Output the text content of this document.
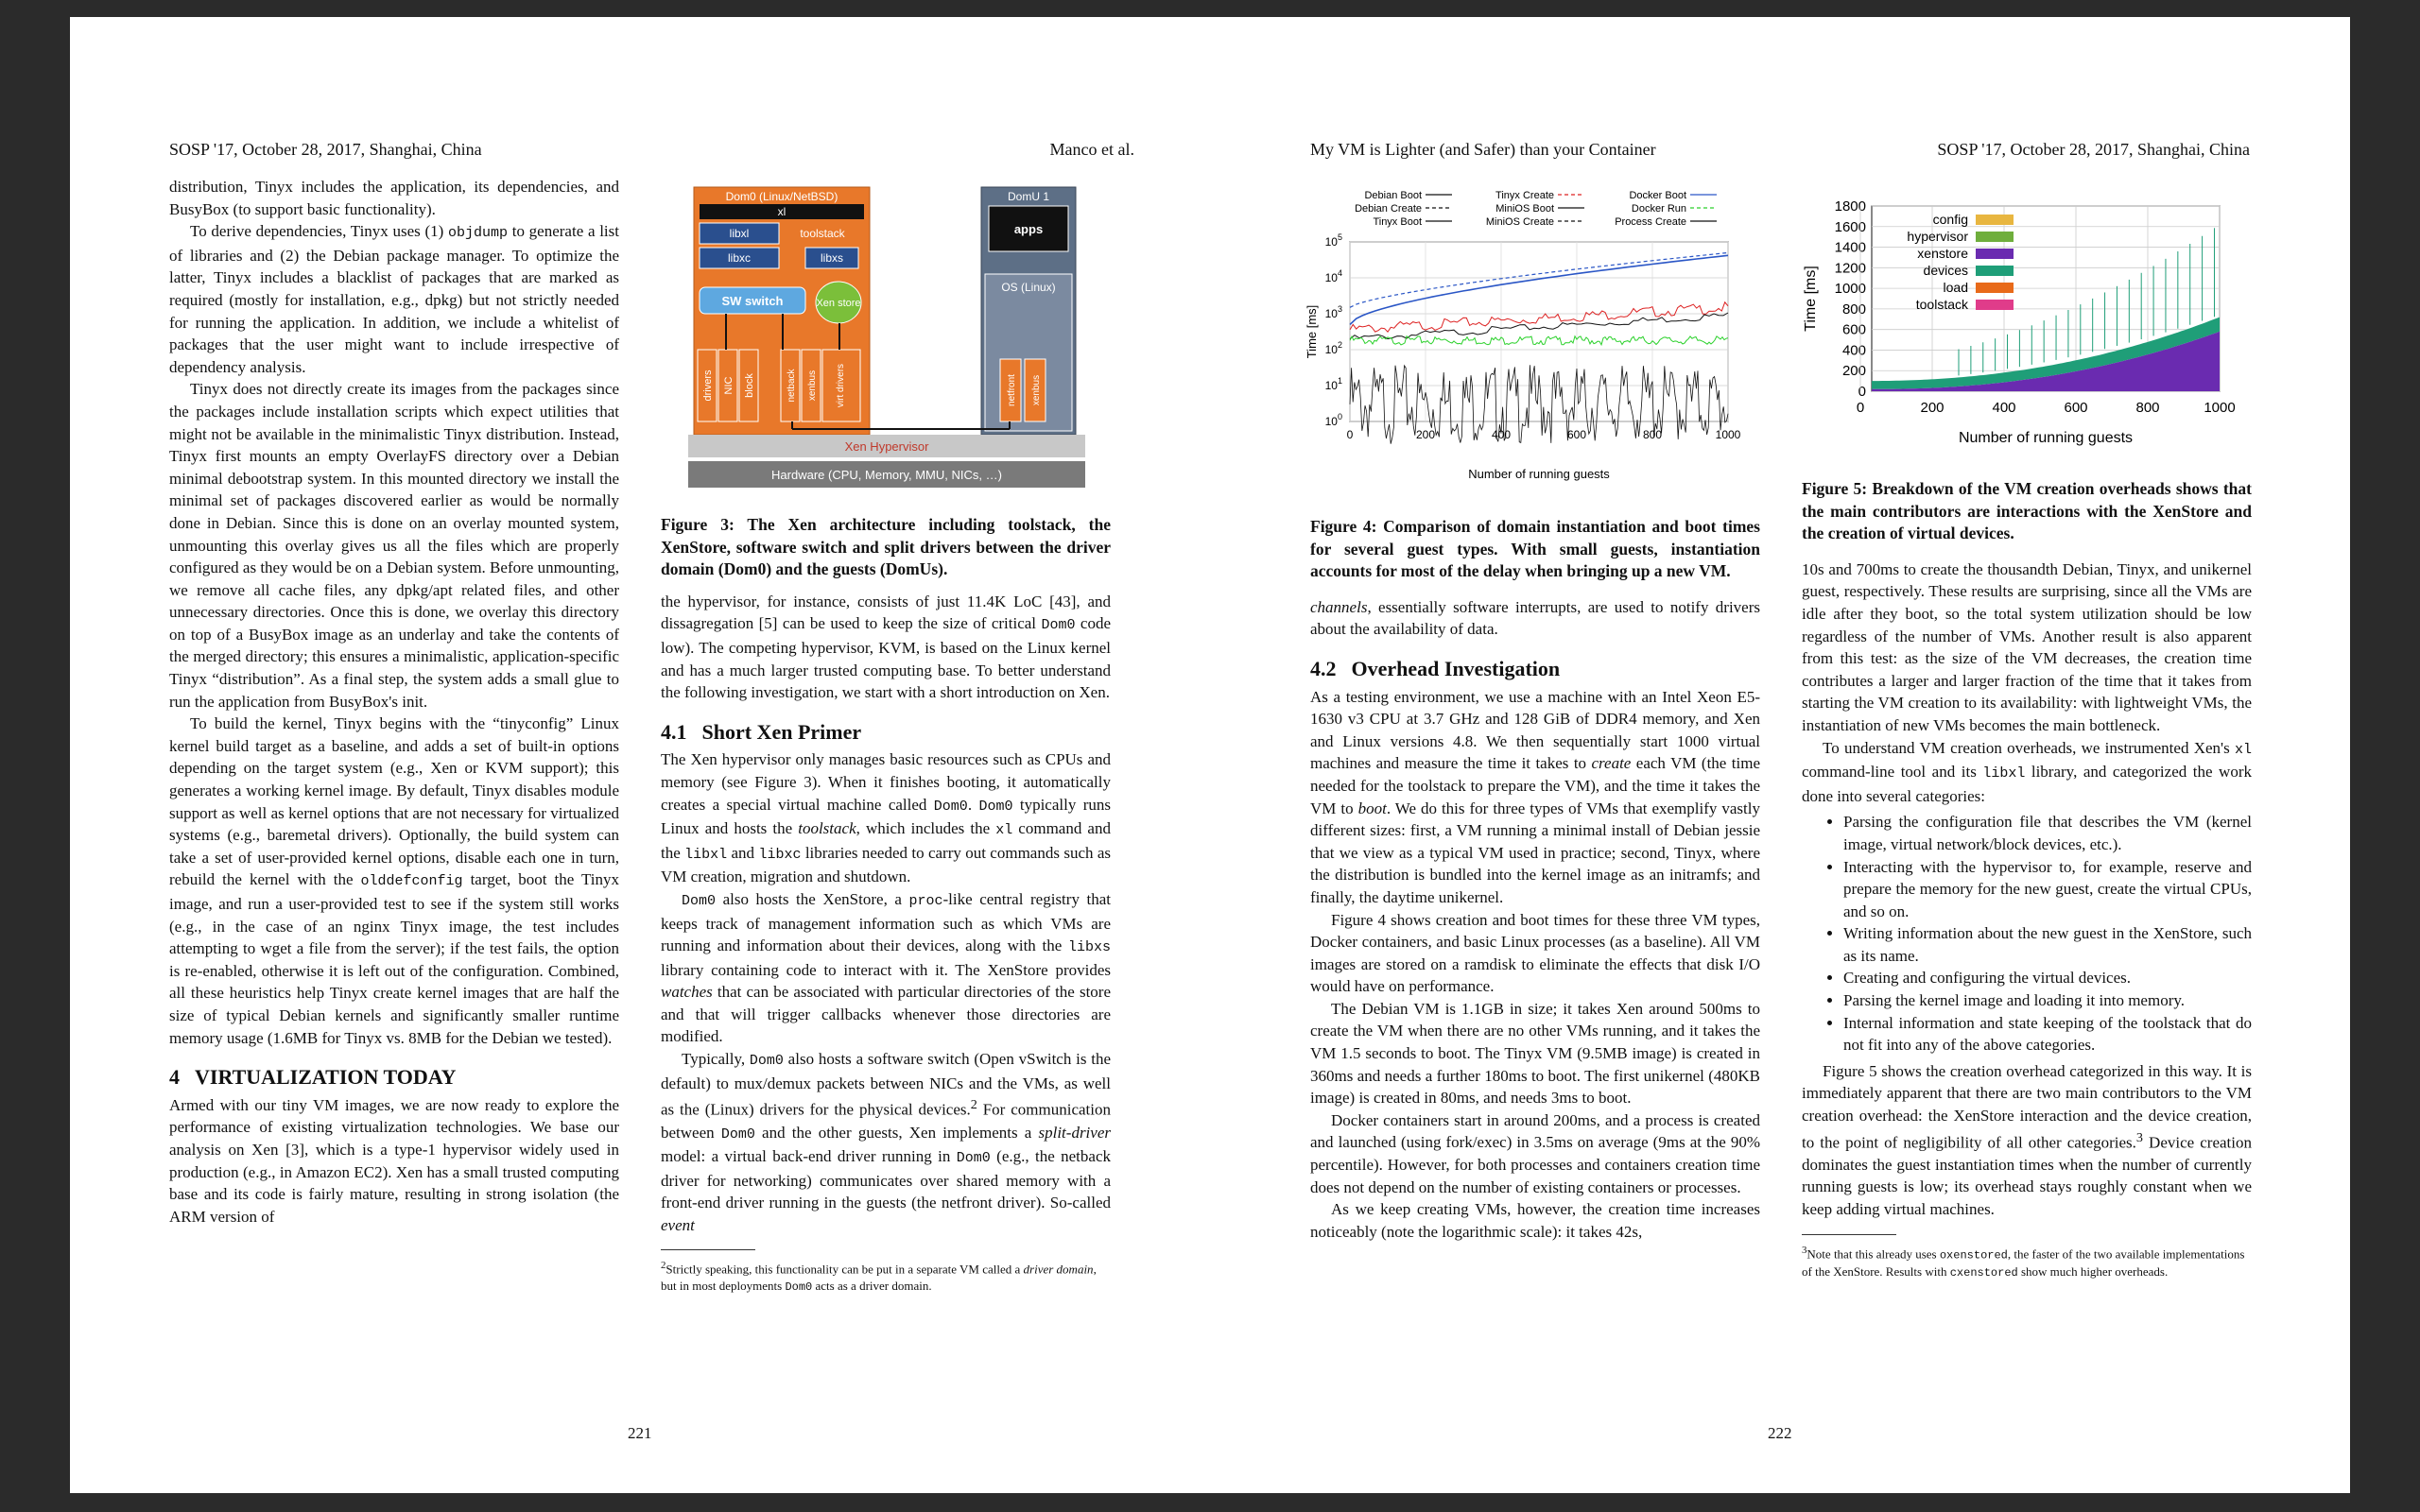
SOSP '17, October 28, 2017, Shanghai, China	Manco et al.

distribution, Tinyx includes the application, its dependencies, and BusyBox (to support basic functionality).

To derive dependencies, Tinyx uses (1) objdump to generate a list of libraries and (2) the Debian package manager. To optimize the latter, Tinyx includes a blacklist of packages that are marked as required (mostly for installation, e.g., dpkg) but not strictly needed for running the application. In addition, we include a whitelist of packages that the user might want to include irrespective of dependency analysis.

Tinyx does not directly create its images from the packages since the packages include installation scripts which expect utilities that might not be available in the minimalistic Tinyx distribution. Instead, Tinyx first mounts an empty OverlayFS directory over a Debian minimal debootstrap system. In this mounted directory we install the minimal set of packages discovered earlier as would be normally done in Debian. Since this is done on an overlay mounted system, unmounting this overlay gives us all the files which are properly configured as they would be on a Debian system. Before unmounting, we remove all cache files, any dpkg/apt related files, and other unnecessary directories. Once this is done, we overlay this directory on top of a BusyBox image as an underlay and take the contents of the merged directory; this ensures a minimalistic, application-specific Tinyx “distribution”. As a final step, the system adds a small glue to run the application from BusyBox's init.

To build the kernel, Tinyx begins with the “tinyconfig” Linux kernel build target as a baseline, and adds a set of built-in options depending on the target system (e.g., Xen or KVM support); this generates a working kernel image. By default, Tinyx disables module support as well as kernel options that are not necessary for virtualized systems (e.g., baremetal drivers). Optionally, the build system can take a set of user-provided kernel options, disable each one in turn, rebuild the kernel with the olddefconfig target, boot the Tinyx image, and run a user-provided test to see if the system still works (e.g., in the case of an nginx Tinyx image, the test includes attempting to wget a file from the server); if the test fails, the option is re-enabled, otherwise it is left out of the configuration. Combined, all these heuristics help Tinyx create kernel images that are half the size of typical Debian kernels and significantly smaller runtime memory usage (1.6MB for Tinyx vs. 8MB for the Debian we tested).

4 VIRTUALIZATION TODAY

Armed with our tiny VM images, we are now ready to explore the performance of existing virtualization technologies. We base our analysis on Xen [3], which is a type-1 hypervisor widely used in production (e.g., in Amazon EC2). Xen has a small trusted computing base and its code is fairly mature, resulting in strong isolation (the ARM version of

Dom0 (Linux/NetBSD)
xl
libxl	toolstack
libxc	libxs
SW switch	Xen store
drivers NIC block	netback xenbus virt drivers
DomU 1
apps
OS (Linux)
netfront xenbus
Xen Hypervisor
Hardware (CPU, Memory, MMU, NICs, …)
Figure 3: The Xen architecture including toolstack, the XenStore, software switch and split drivers between the driver domain (Dom0) and the guests (DomUs).

the hypervisor, for instance, consists of just 11.4K LoC [43], and dissagregation [5] can be used to keep the size of critical Dom0 code low). The competing hypervisor, KVM, is based on the Linux kernel and has a much larger trusted computing base. To better understand the following investigation, we start with a short introduction on Xen.

4.1 Short Xen Primer

The Xen hypervisor only manages basic resources such as CPUs and memory (see Figure 3). When it finishes booting, it automatically creates a special virtual machine called Dom0. Dom0 typically runs Linux and hosts the toolstack, which includes the xl command and the libxl and libxc libraries needed to carry out commands such as VM creation, migration and shutdown.

Dom0 also hosts the XenStore, a proc-like central registry that keeps track of management information such as which VMs are running and information about their devices, along with the libxs library containing code to interact with it. The XenStore provides watches that can be associated with particular directories of the store and that will trigger callbacks whenever those directories are modified.

Typically, Dom0 also hosts a software switch (Open vSwitch is the default) to mux/demux packets between NICs and the VMs, as well as the (Linux) drivers for the physical devices.$^2$ For communication between Dom0 and the other guests, Xen implements a split-driver model: a virtual back-end driver running in Dom0 (e.g., the netback driver for networking) communicates over shared memory with a front-end driver running in the guests (the netfront driver). So-called event

$^2$Strictly speaking, this functionality can be put in a separate VM called a driver domain, but in most deployments Dom0 acts as a driver domain.
221
My VM is Lighter (and Safer) than your Container	SOSP '17, October 28, 2017, Shanghai, China
Debian Boot	Tinyx Create	Docker Boot
Debian Create	MiniOS Boot	Docker Run
Tinyx Boot	MiniOS Create	Process Create
$10^0$
$10^1$
$10^2$
$10^3$
$10^4$
$10^5$
0	200	400	600	800	1000
Number of running guests
Time [ms]
0
200
400
600
800
1000
1200
1400
1600
1800
0	200	400	600	800	1000
config
hypervisor
xenstore
devices
load
toolstack
Number of running guests
Time [ms]
Figure 4: Comparison of domain instantiation and boot times for several guest types. With small guests, instantiation accounts for most of the delay when bringing up a new VM.

channels, essentially software interrupts, are used to notify drivers about the availability of data.

4.2 Overhead Investigation

As a testing environment, we use a machine with an Intel Xeon E5-1630 v3 CPU at 3.7 GHz and 128 GiB of DDR4 memory, and Xen and Linux versions 4.8. We then sequentially start 1000 virtual machines and measure the time it takes to create each VM (the time needed for the toolstack to prepare the VM), and the time it takes the VM to boot. We do this for three types of VMs that exemplify vastly different sizes: first, a VM running a minimal install of Debian jessie that we view as a typical VM used in practice; second, Tinyx, where the distribution is bundled into the kernel image as an initramfs; and finally, the daytime unikernel.

Figure 4 shows creation and boot times for these three VM types, Docker containers, and basic Linux processes (as a baseline). All VM images are stored on a ramdisk to eliminate the effects that disk I/O would have on performance.

The Debian VM is 1.1GB in size; it takes Xen around 500ms to create the VM when there are no other VMs running, and it takes the VM 1.5 seconds to boot. The Tinyx VM (9.5MB image) is created in 360ms and needs a further 180ms to boot. The first unikernel (480KB image) is created in 80ms, and needs 3ms to boot.

Docker containers start in around 200ms, and a process is created and launched (using fork/exec) in 3.5ms on average (9ms at the 90% percentile). However, for both processes and containers creation time does not depend on the number of existing containers or processes.

As we keep creating VMs, however, the creation time increases noticeably (note the logarithmic scale): it takes 42s,

Figure 5: Breakdown of the VM creation overheads shows that the main contributors are interactions with the XenStore and the creation of virtual devices.

10s and 700ms to create the thousandth Debian, Tinyx, and unikernel guest, respectively. These results are surprising, since all the VMs are idle after they boot, so the total system utilization should be low regardless of the number of VMs. Another result is also apparent from this test: as the size of the VM decreases, the creation time contributes a larger and larger fraction of the time that it takes from starting the VM creation to its availability: with lightweight VMs, the instantiation of new VMs becomes the main bottleneck.

To understand VM creation overheads, we instrumented Xen's xl command-line tool and its libxl library, and categorized the work done into several categories:

• Parsing the configuration file that describes the VM (kernel image, virtual network/block devices, etc.).
• Interacting with the hypervisor to, for example, reserve and prepare the memory for the new guest, create the virtual CPUs, and so on.
• Writing information about the new guest in the XenStore, such as its name.
• Creating and configuring the virtual devices.
• Parsing the kernel image and loading it into memory.
• Internal information and state keeping of the toolstack that do not fit into any of the above categories.

Figure 5 shows the creation overhead categorized in this way. It is immediately apparent that there are two main contributors to the VM creation overhead: the XenStore interaction and the device creation, to the point of negligibility of all other categories.$^3$ Device creation dominates the guest instantiation times when the number of currently running guests is low; its overhead stays roughly constant when we keep adding virtual machines.

$^3$Note that this already uses oxenstored, the faster of the two available implementations of the XenStore. Results with cxenstored show much higher overheads.
222
